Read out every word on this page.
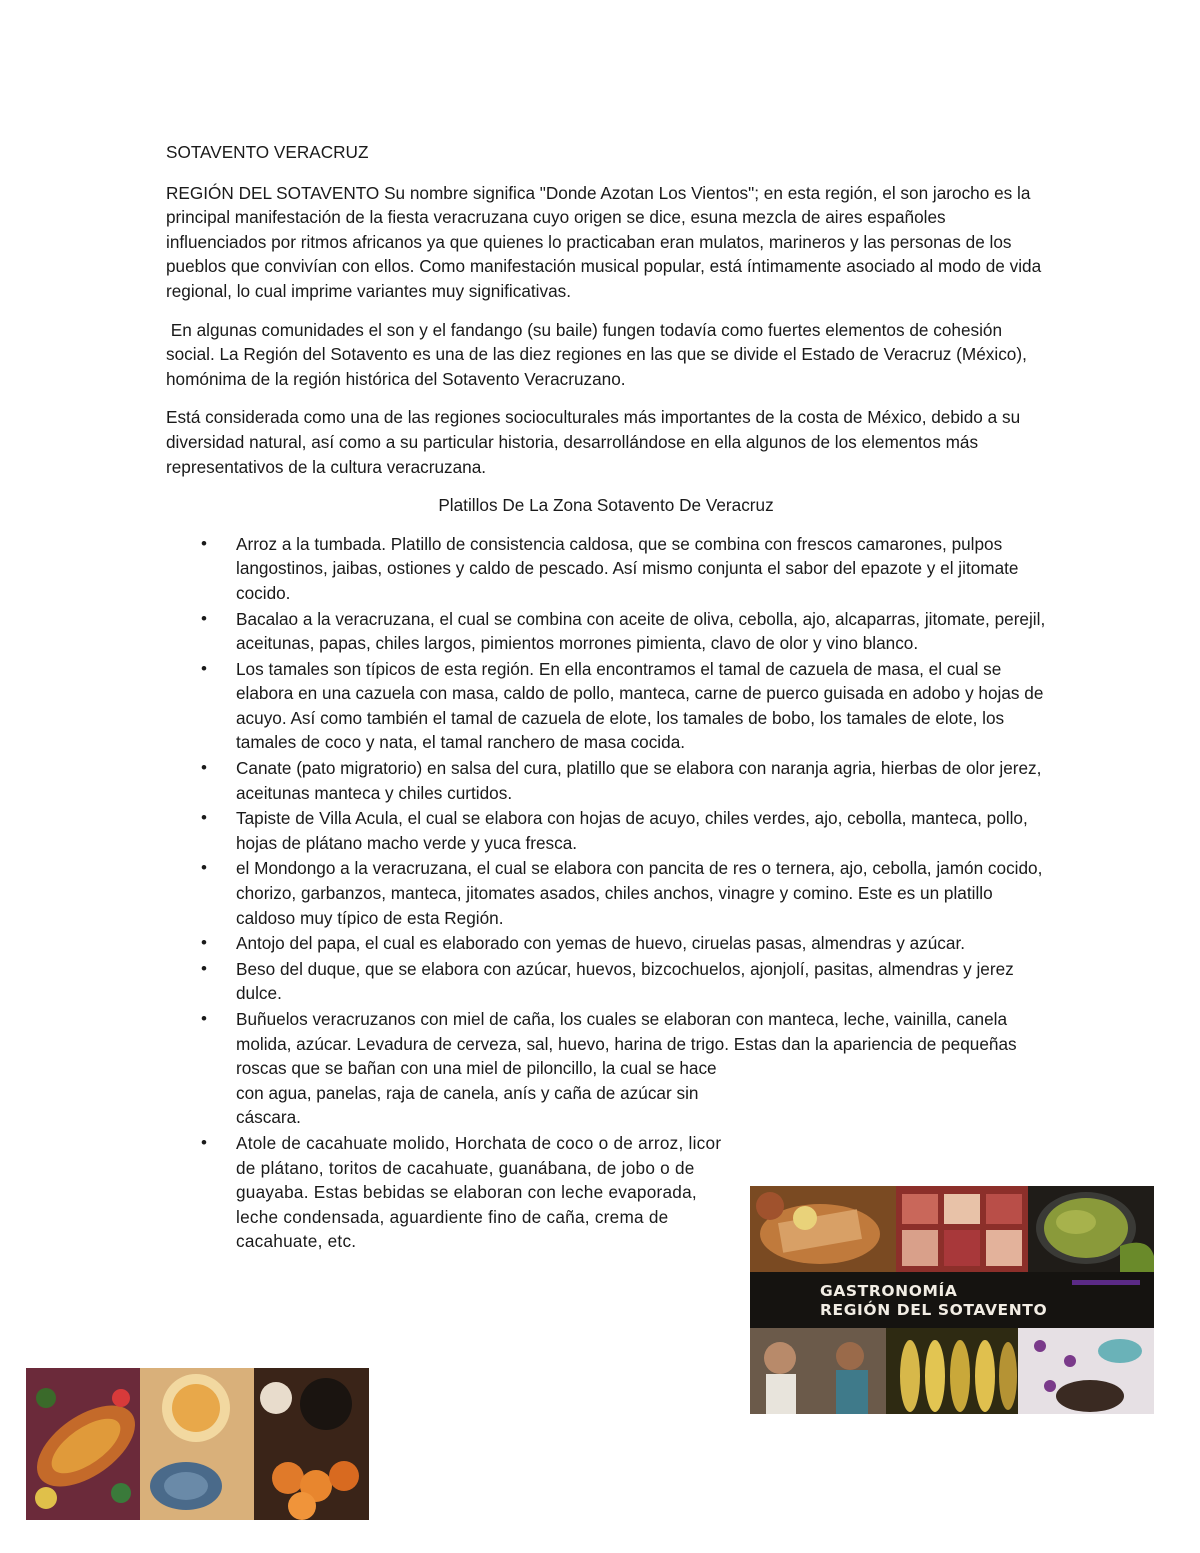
SOTAVENTO VERACRUZ

REGIÓN DEL SOTAVENTO Su nombre significa "Donde Azotan Los Vientos"; en esta región, el son jarocho es la principal manifestación de la fiesta veracruzana cuyo origen se dice, esuna mezcla de aires españoles influenciados por ritmos africanos ya que quienes lo practicaban eran mulatos, marineros y las personas de los pueblos que convivían con ellos. Como manifestación musical popular, está íntimamente asociado al modo de vida regional, lo cual imprime variantes muy significativas.

En algunas comunidades el son y el fandango (su baile) fungen todavía como fuertes elementos de cohesión social. La Región del Sotavento es una de las diez regiones en las que se divide el Estado de Veracruz (México), homónima de la región histórica del Sotavento Veracruzano.

Está considerada como una de las regiones socioculturales más importantes de la costa de México, debido a su diversidad natural, así como a su particular historia, desarrollándose en ella algunos de los elementos más representativos de la cultura veracruzana.

Platillos De La Zona Sotavento De Veracruz

• Arroz a la tumbada. Platillo de consistencia caldosa, que se combina con frescos camarones, pulpos langostinos, jaibas, ostiones y caldo de pescado. Así mismo conjunta el sabor del epazote y el jitomate cocido.
• Bacalao a la veracruzana, el cual se combina con aceite de oliva, cebolla, ajo, alcaparras, jitomate, perejil, aceitunas, papas, chiles largos, pimientos morrones pimienta, clavo de olor y vino blanco.
• Los tamales son típicos de esta región. En ella encontramos el tamal de cazuela de masa, el cual se elabora en una cazuela con masa, caldo de pollo, manteca, carne de puerco guisada en adobo y hojas de acuyo. Así como también el tamal de cazuela de elote, los tamales de bobo, los tamales de elote, los tamales de coco y nata, el tamal ranchero de masa cocida.
• Canate (pato migratorio) en salsa del cura, platillo que se elabora con naranja agria, hierbas de olor jerez, aceitunas manteca y chiles curtidos.
• Tapiste de Villa Acula, el cual se elabora con hojas de acuyo, chiles verdes, ajo, cebolla, manteca, pollo, hojas de plátano macho verde y yuca fresca.
• el Mondongo a la veracruzana, el cual se elabora con pancita de res o ternera, ajo, cebolla, jamón cocido, chorizo, garbanzos, manteca, jitomates asados, chiles anchos, vinagre y comino. Este es un platillo caldoso muy típico de esta Región.
• Antojo del papa, el cual es elaborado con yemas de huevo, ciruelas pasas, almendras y azúcar.
• Beso del duque, que se elabora con azúcar, huevos, bizcochuelos, ajonjolí, pasitas, almendras y jerez dulce.
• Buñuelos veracruzanos con miel de caña, los cuales se elaboran con manteca, leche, vainilla, canela molida, azúcar. Levadura de cerveza, sal, huevo, harina de trigo. Estas dan la apariencia de pequeñas roscas que se bañan con una miel de piloncillo, la cual se hace
con agua, panelas, raja de canela, anís y caña de azúcar sin cáscara.
• Atole de cacahuate molido, Horchata de coco o de arroz, licor de plátano, toritos de cacahuate, guanábana, de jobo o de guayaba. Estas bebidas se elaboran con leche evaporada, leche condensada, aguardiente fino de caña, crema de cacahuate, etc.
GASTRONOMÍA
REGIÓN DEL SOTAVENTO
